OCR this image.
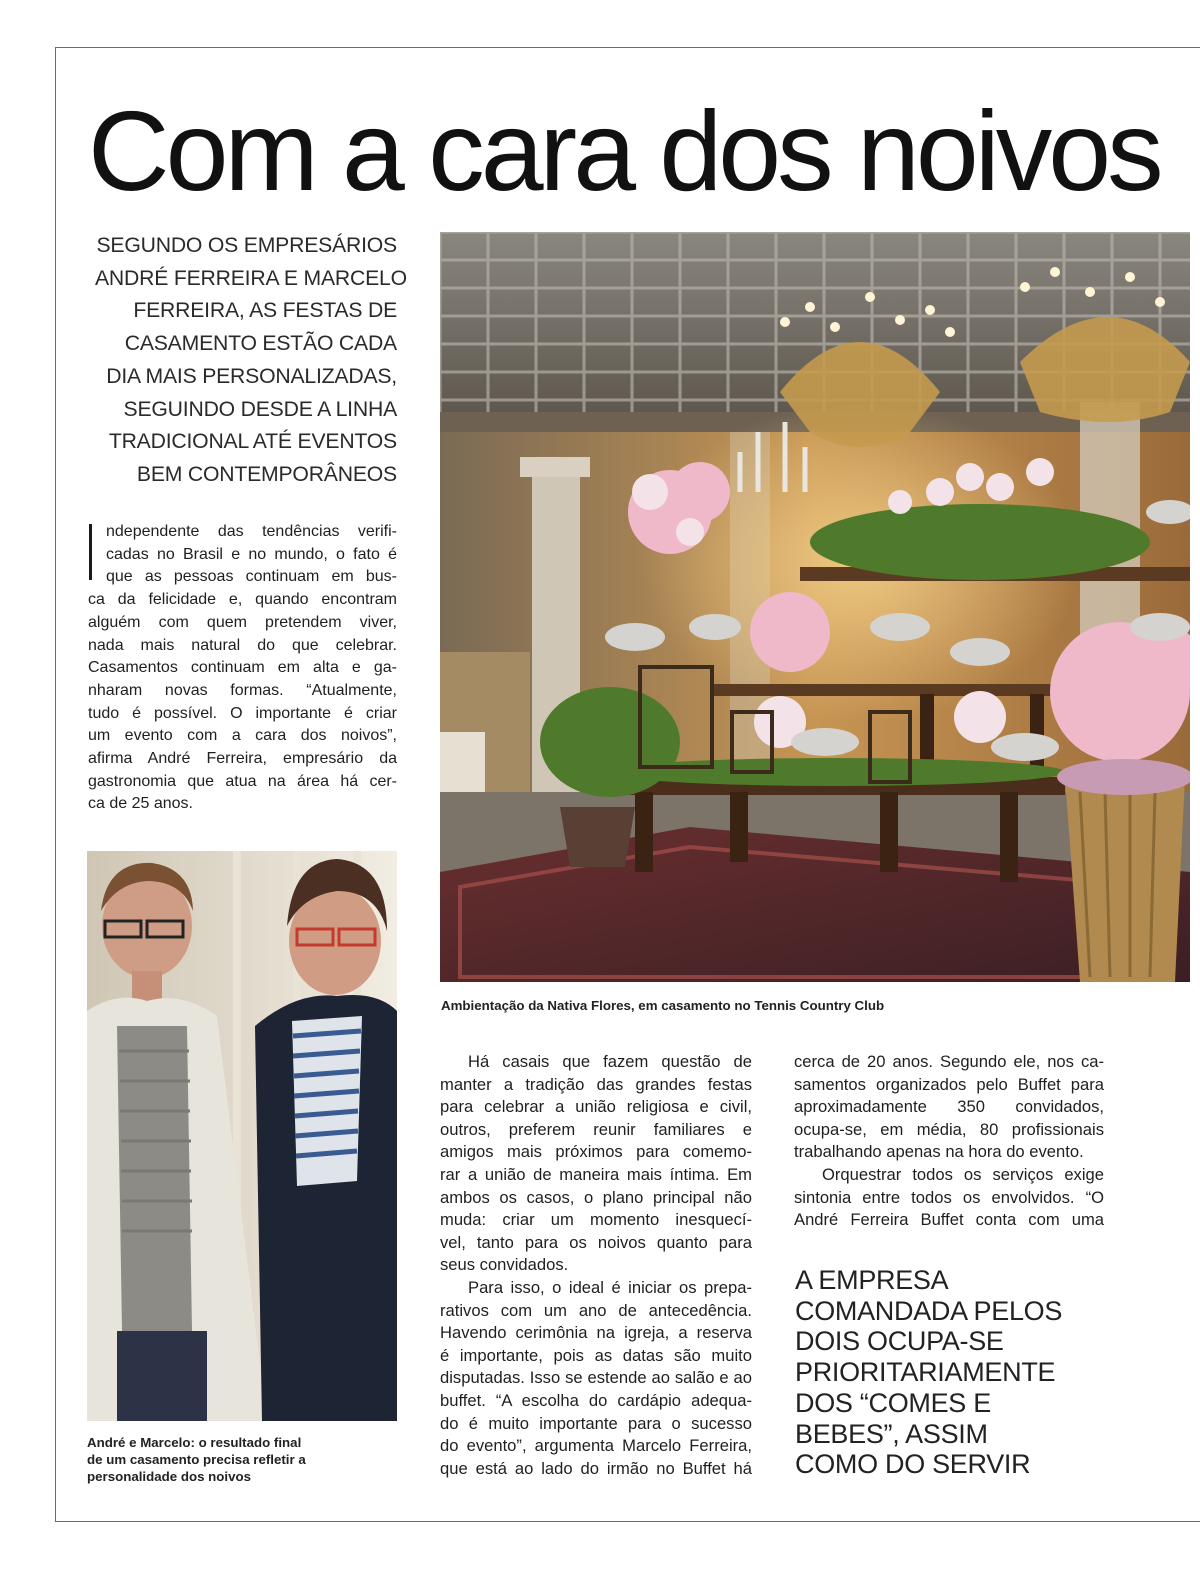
Com a cara dos noivos
SEGUNDO OS EMPRESÁRIOS
ANDRÉ FERREIRA E MARCELO
FERREIRA, AS FESTAS DE
CASAMENTO ESTÃO CADA
DIA MAIS PERSONALIZADAS,
SEGUINDO DESDE A LINHA
TRADICIONAL ATÉ EVENTOS
BEM CONTEMPORÂNEOS
ndependente das tendências verifi-
cadas no Brasil e no mundo, o fato é
que as pessoas continuam em bus-
ca da felicidade e, quando encontram
alguém com quem pretendem viver,
nada mais natural do que celebrar.
Casamentos continuam em alta e ga-
nharam novas formas. “Atualmente,
tudo é possível. O importante é criar
um evento com a cara dos noivos”,
afirma André Ferreira, empresário da
gastronomia que atua na área há cer-
ca de 25 anos.
Ambientação da Nativa Flores, em casamento no Tennis Country Club
André e Marcelo: o resultado final
de um casamento precisa refletir a
personalidade dos noivos
Há casais que fazem questão de
manter a tradição das grandes festas
para celebrar a união religiosa e civil,
outros, preferem reunir familiares e
amigos mais próximos para comemo-
rar a união de maneira mais íntima. Em
ambos os casos, o plano principal não
muda: criar um momento inesquecí-
vel, tanto para os noivos quanto para
seus convidados.
Para isso, o ideal é iniciar os prepa-
rativos com um ano de antecedência.
Havendo cerimônia na igreja, a reserva
é importante, pois as datas são muito
disputadas. Isso se estende ao salão e ao
buffet. “A escolha do cardápio adequa-
do é muito importante para o sucesso
do evento”, argumenta Marcelo Ferreira,
que está ao lado do irmão no Buffet há
cerca de 20 anos. Segundo ele, nos ca-
samentos organizados pelo Buffet para
aproximadamente 350 convidados,
ocupa-se, em média, 80 profissionais
trabalhando apenas na hora do evento.
Orquestrar todos os serviços exige
sintonia entre todos os envolvidos. “O
André Ferreira Buffet conta com uma
A EMPRESA
COMANDADA PELOS
DOIS OCUPA-SE
PRIORITARIAMENTE
DOS “COMES E
BEBES”, ASSIM
COMO DO SERVIR
